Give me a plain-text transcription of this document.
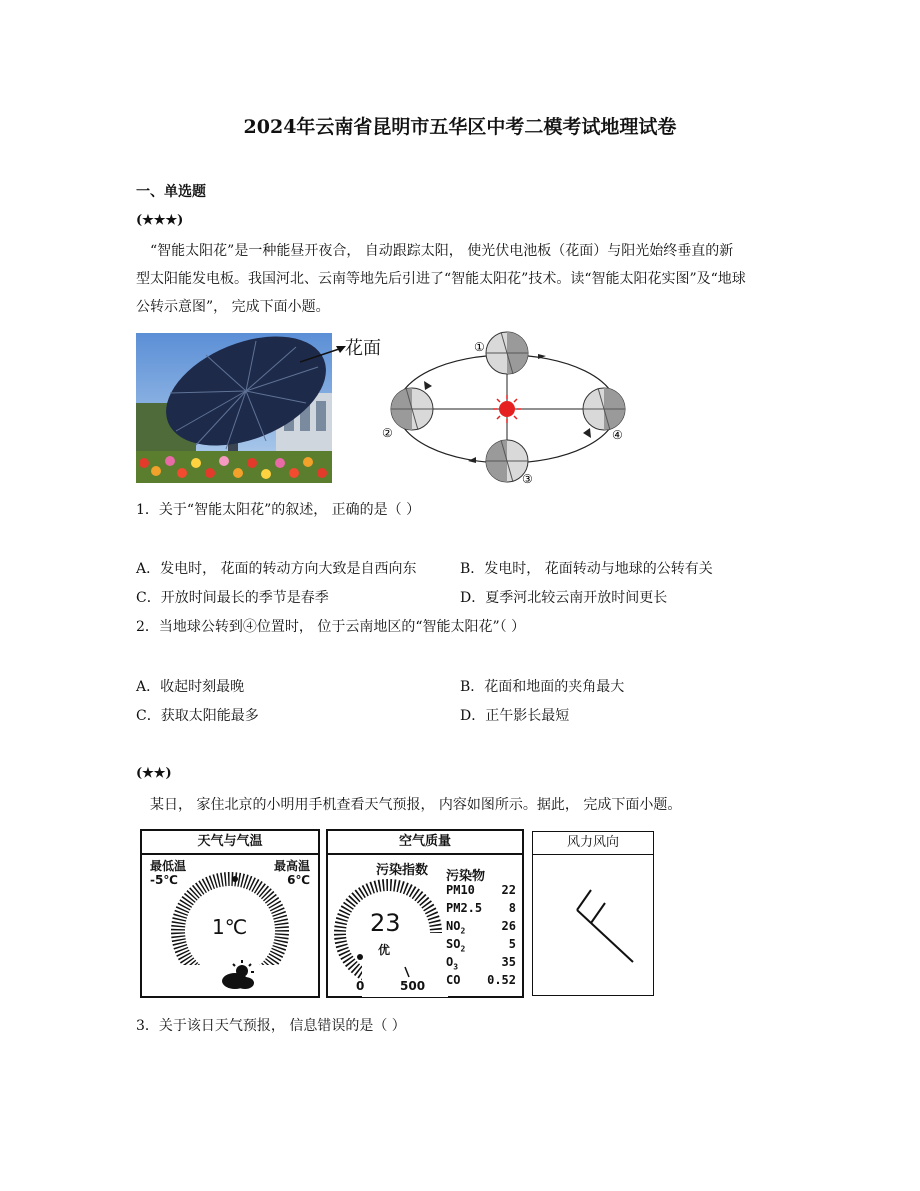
2024年云南省昆明市五华区中考二模考试地理试卷
一、单选题
(★★★)
“智能太阳花”是一种能昼开夜合， 自动跟踪太阳， 使光伏电池板（花面）与阳光始终垂直的新
型太阳能发电板。我国河北、云南等地先后引进了“智能太阳花”技术。读“智能太阳花实图”及“地球
公转示意图”， 完成下面小题。
花面	①
②
③
④
1．关于“智能太阳花”的叙述， 正确的是（ ）
A．发电时， 花面的转动方向大致是自西向东	B．发电时， 花面转动与地球的公转有关
C．开放时间最长的季节是春季	D．夏季河北较云南开放时间更长
2．当地球公转到④位置时， 位于云南地区的“智能太阳花”（ ）
A．收起时刻最晚	B．花面和地面的夹角最大
C．获取太阳能最多	D．正午影长最短
(★★)
某日， 家住北京的小明用手机查看天气预报， 内容如图所示。据此， 完成下面小题。
天气与气温
最低温
-5℃
最高温
6℃
1℃
空气质量
污染指数
23
优
0	500
污染物
PM10 22
PM2.5 8
$NO_2$	26
$SO_2$	5
$O_3$	35
CO 0.52
风力风向
3．关于该日天气预报， 信息错误的是（ ）
